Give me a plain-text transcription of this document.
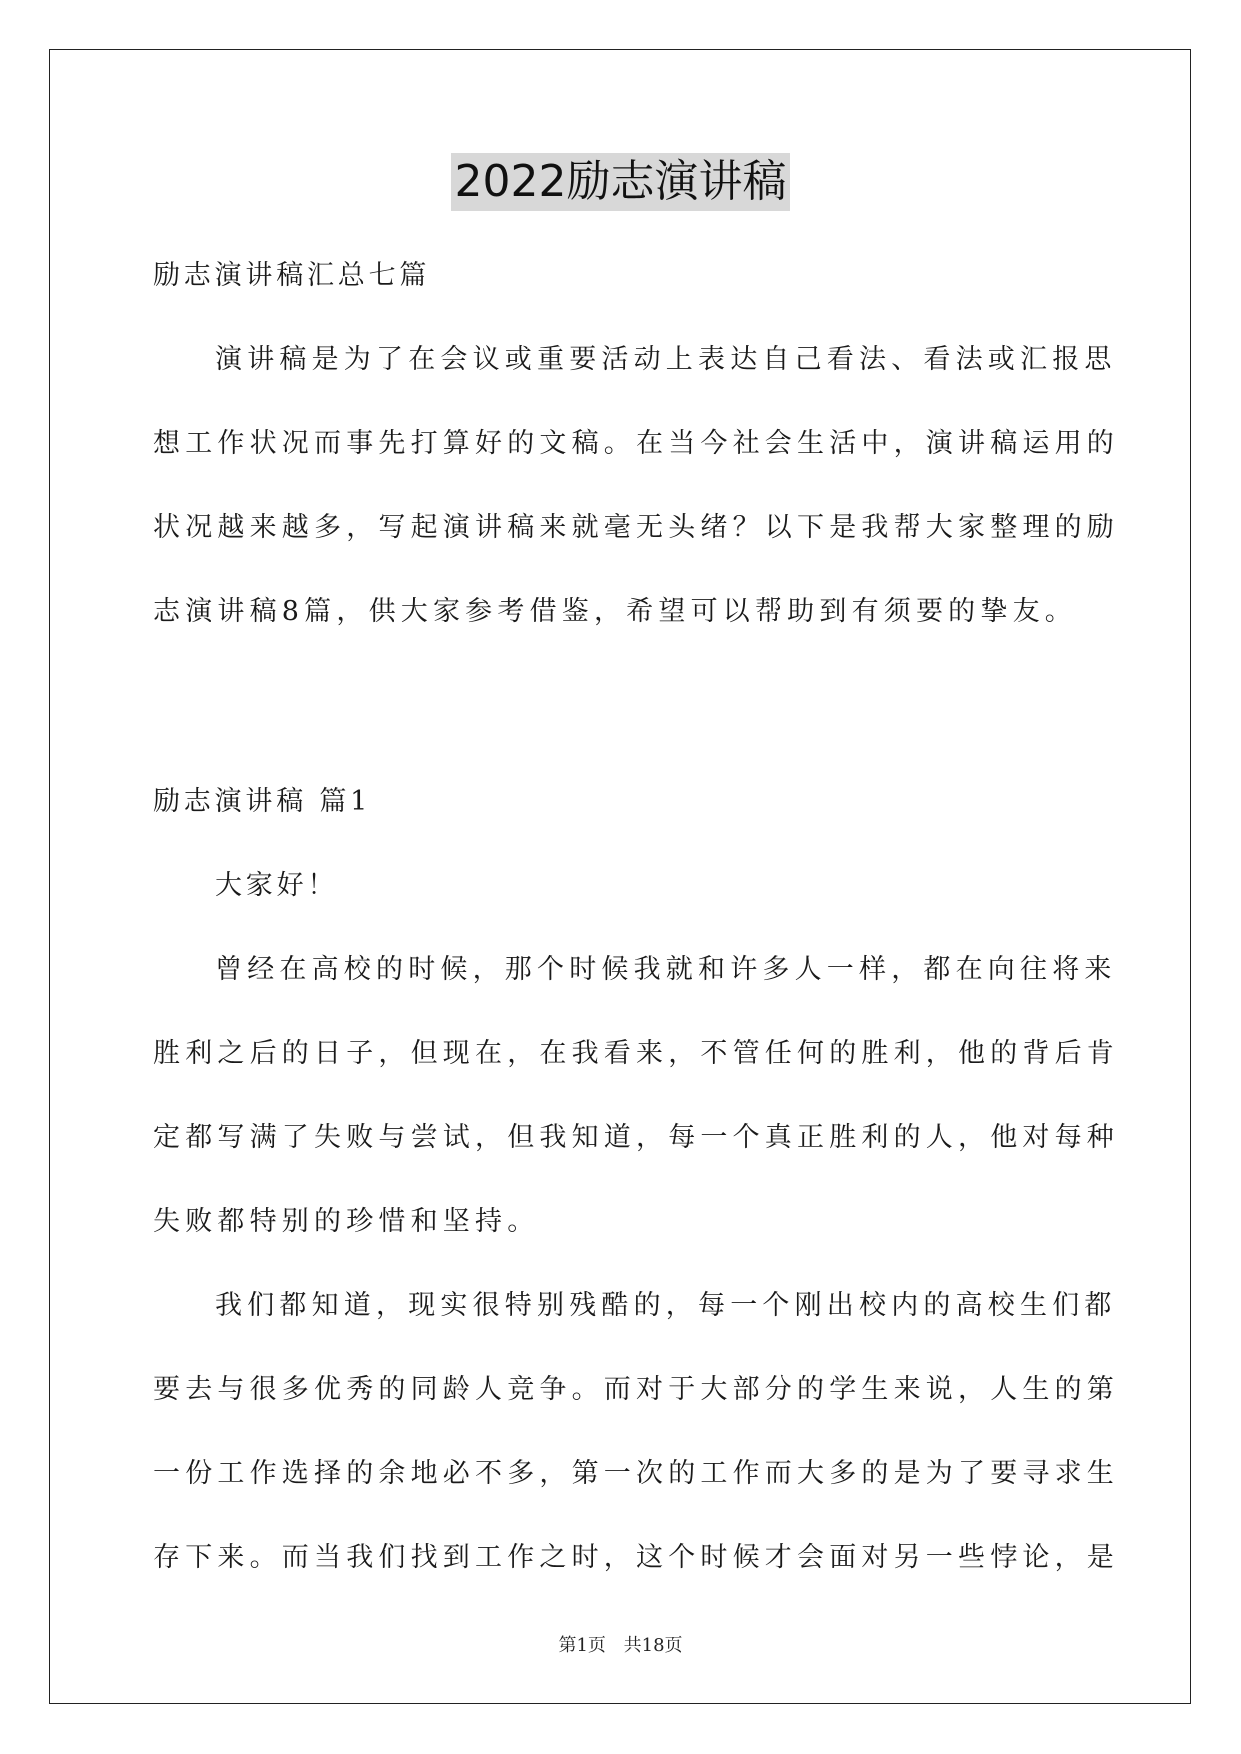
2022励志演讲稿
励志演讲稿汇总七篇
演讲稿是为了在会议或重要活动上表达自己看法、看法或汇报思
想工作状况而事先打算好的文稿。在当今社会生活中，演讲稿运用的
状况越来越多，写起演讲稿来就毫无头绪？以下是我帮大家整理的励
志演讲稿8篇，供大家参考借鉴，希望可以帮助到有须要的挚友。
励志演讲稿 篇1
大家好！
曾经在高校的时候，那个时候我就和许多人一样，都在向往将来
胜利之后的日子，但现在，在我看来，不管任何的胜利，他的背后肯
定都写满了失败与尝试，但我知道，每一个真正胜利的人，他对每种
失败都特别的珍惜和坚持。
我们都知道，现实很特别残酷的，每一个刚出校内的高校生们都
要去与很多优秀的同龄人竞争。而对于大部分的学生来说，人生的第
一份工作选择的余地必不多，第一次的工作而大多的是为了要寻求生
存下来。而当我们找到工作之时，这个时候才会面对另一些悖论，是
第1页 共18页
